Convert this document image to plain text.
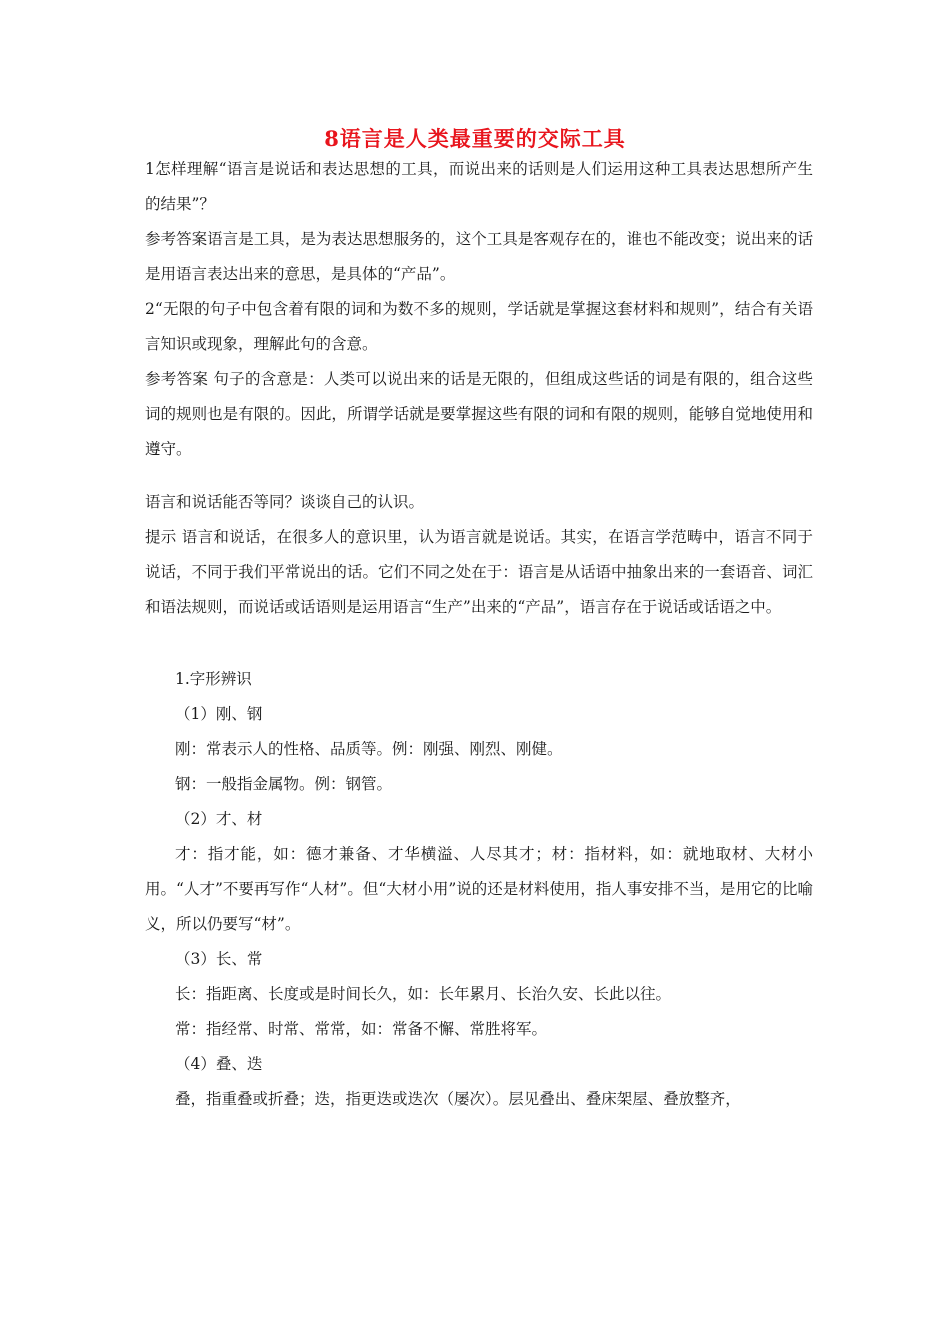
8语言是人类最重要的交际工具

1怎样理解“语言是说话和表达思想的工具，而说出来的话则是人们运用这种工具表达思想所产生的结果”？

参考答案语言是工具，是为表达思想服务的，这个工具是客观存在的，谁也不能改变；说出来的话是用语言表达出来的意思，是具体的“产品”。

2“无限的句子中包含着有限的词和为数不多的规则，学话就是掌握这套材料和规则”，结合有关语言知识或现象，理解此句的含意。

参考答案 句子的含意是：人类可以说出来的话是无限的，但组成这些话的词是有限的，组合这些词的规则也是有限的。因此，所谓学话就是要掌握这些有限的词和有限的规则，能够自觉地使用和遵守。

语言和说话能否等同？谈谈自己的认识。

提示 语言和说话，在很多人的意识里，认为语言就是说话。其实，在语言学范畴中，语言不同于说话，不同于我们平常说出的话。它们不同之处在于：语言是从话语中抽象出来的一套语音、词汇和语法规则，而说话或话语则是运用语言“生产”出来的“产品”，语言存在于说话或话语之中。

1.字形辨识

（1）刚、钢

刚：常表示人的性格、品质等。例：刚强、刚烈、刚健。

钢：一般指金属物。例：钢管。

（2）才、材

才：指才能，如：德才兼备、才华横溢、人尽其才；材：指材料，如：就地取材、大材小用。“人才”不要再写作“人材”。但“大材小用”说的还是材料使用，指人事安排不当，是用它的比喻义，所以仍要写“材”。

（3）长、常

长：指距离、长度或是时间长久，如：长年累月、长治久安、长此以往。

常：指经常、时常、常常，如：常备不懈、常胜将军。

（4）叠、迭

叠，指重叠或折叠；迭，指更迭或迭次（屡次）。层见叠出、叠床架屋、叠放整齐，
